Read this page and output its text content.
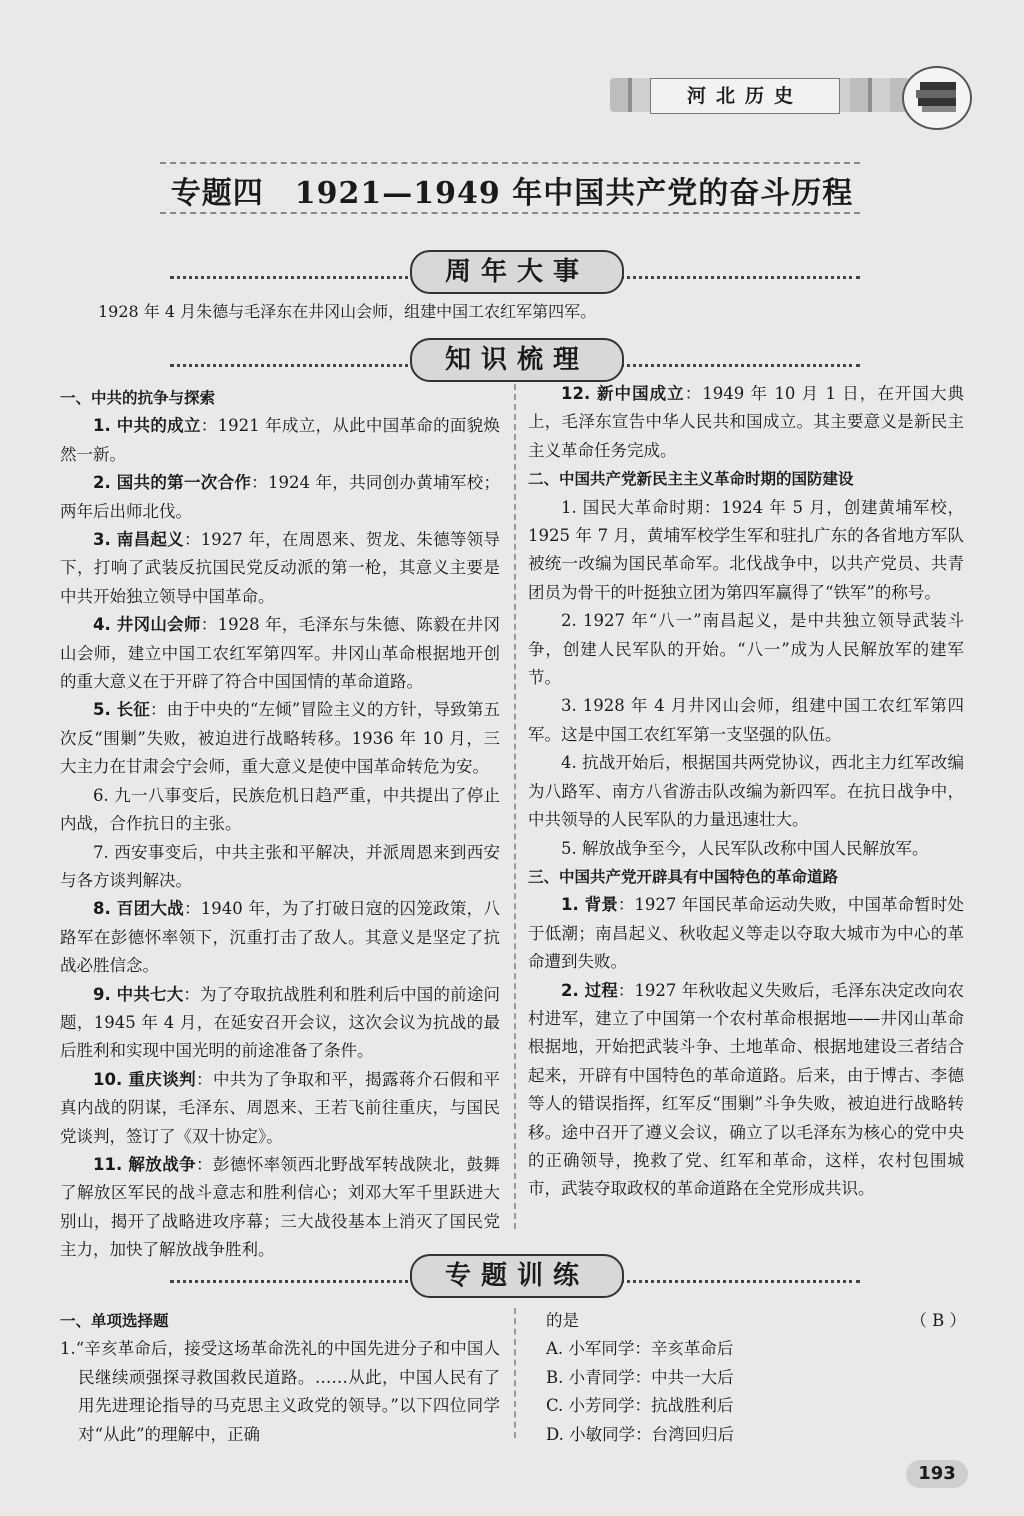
河北历史
专题四　1921—1949 年中国共产党的奋斗历程
周年大事
1928 年 4 月朱德与毛泽东在井冈山会师，组建中国工农红军第四军。
知识梳理

一、中共的抗争与探索

1. 中共的成立：1921 年成立，从此中国革命的面貌焕然一新。

2. 国共的第一次合作：1924 年，共同创办黄埔军校；两年后出师北伐。

3. 南昌起义：1927 年，在周恩来、贺龙、朱德等领导下，打响了武装反抗国民党反动派的第一枪，其意义主要是中共开始独立领导中国革命。

4. 井冈山会师：1928 年，毛泽东与朱德、陈毅在井冈山会师，建立中国工农红军第四军。井冈山革命根据地开创的重大意义在于开辟了符合中国国情的革命道路。

5. 长征：由于中央的“左倾”冒险主义的方针，导致第五次反“围剿”失败，被迫进行战略转移。1936 年 10 月，三大主力在甘肃会宁会师，重大意义是使中国革命转危为安。

6. 九一八事变后，民族危机日趋严重，中共提出了停止内战，合作抗日的主张。

7. 西安事变后，中共主张和平解决，并派周恩来到西安与各方谈判解决。

8. 百团大战：1940 年，为了打破日寇的囚笼政策，八路军在彭德怀率领下，沉重打击了敌人。其意义是坚定了抗战必胜信念。

9. 中共七大：为了夺取抗战胜利和胜利后中国的前途问题，1945 年 4 月，在延安召开会议，这次会议为抗战的最后胜利和实现中国光明的前途准备了条件。

10. 重庆谈判：中共为了争取和平，揭露蒋介石假和平真内战的阴谋，毛泽东、周恩来、王若飞前往重庆，与国民党谈判，签订了《双十协定》。

11. 解放战争：彭德怀率领西北野战军转战陕北，鼓舞了解放区军民的战斗意志和胜利信心；刘邓大军千里跃进大别山，揭开了战略进攻序幕；三大战役基本上消灭了国民党主力，加快了解放战争胜利。

12. 新中国成立：1949 年 10 月 1 日，在开国大典上，毛泽东宣告中华人民共和国成立。其主要意义是新民主主义革命任务完成。

二、中国共产党新民主主义革命时期的国防建设

1. 国民大革命时期：1924 年 5 月，创建黄埔军校，1925 年 7 月，黄埔军校学生军和驻扎广东的各省地方军队被统一改编为国民革命军。北伐战争中，以共产党员、共青团员为骨干的叶挺独立团为第四军赢得了“铁军”的称号。

2. 1927 年“八一”南昌起义，是中共独立领导武装斗争，创建人民军队的开始。“八一”成为人民解放军的建军节。

3. 1928 年 4 月井冈山会师，组建中国工农红军第四军。这是中国工农红军第一支坚强的队伍。

4. 抗战开始后，根据国共两党协议，西北主力红军改编为八路军、南方八省游击队改编为新四军。在抗日战争中，中共领导的人民军队的力量迅速壮大。

5. 解放战争至今，人民军队改称中国人民解放军。

三、中国共产党开辟具有中国特色的革命道路

1. 背景：1927 年国民革命运动失败，中国革命暂时处于低潮；南昌起义、秋收起义等走以夺取大城市为中心的革命遭到失败。

2. 过程：1927 年秋收起义失败后，毛泽东决定改向农村进军，建立了中国第一个农村革命根据地——井冈山革命根据地，开始把武装斗争、土地革命、根据地建设三者结合起来，开辟有中国特色的革命道路。后来，由于博古、李德等人的错误指挥，红军反“围剿”斗争失败，被迫进行战略转移。途中召开了遵义会议，确立了以毛泽东为核心的党中央的正确领导，挽救了党、红军和革命，这样，农村包围城市，武装夺取政权的革命道路在全党形成共识。

专题训练
一、单项选择题
1.“辛亥革命后，接受这场革命洗礼的中国先进分子和中国人民继续顽强探寻救国救民道路。……从此，中国人民有了用先进理论指导的马克思主义政党的领导。”以下四位同学对“从此”的理解中，正确
的是	（ B ）
A. 小军同学：辛亥革命后
B. 小青同学：中共一大后
C. 小芳同学：抗战胜利后
D. 小敏同学：台湾回归后
193
